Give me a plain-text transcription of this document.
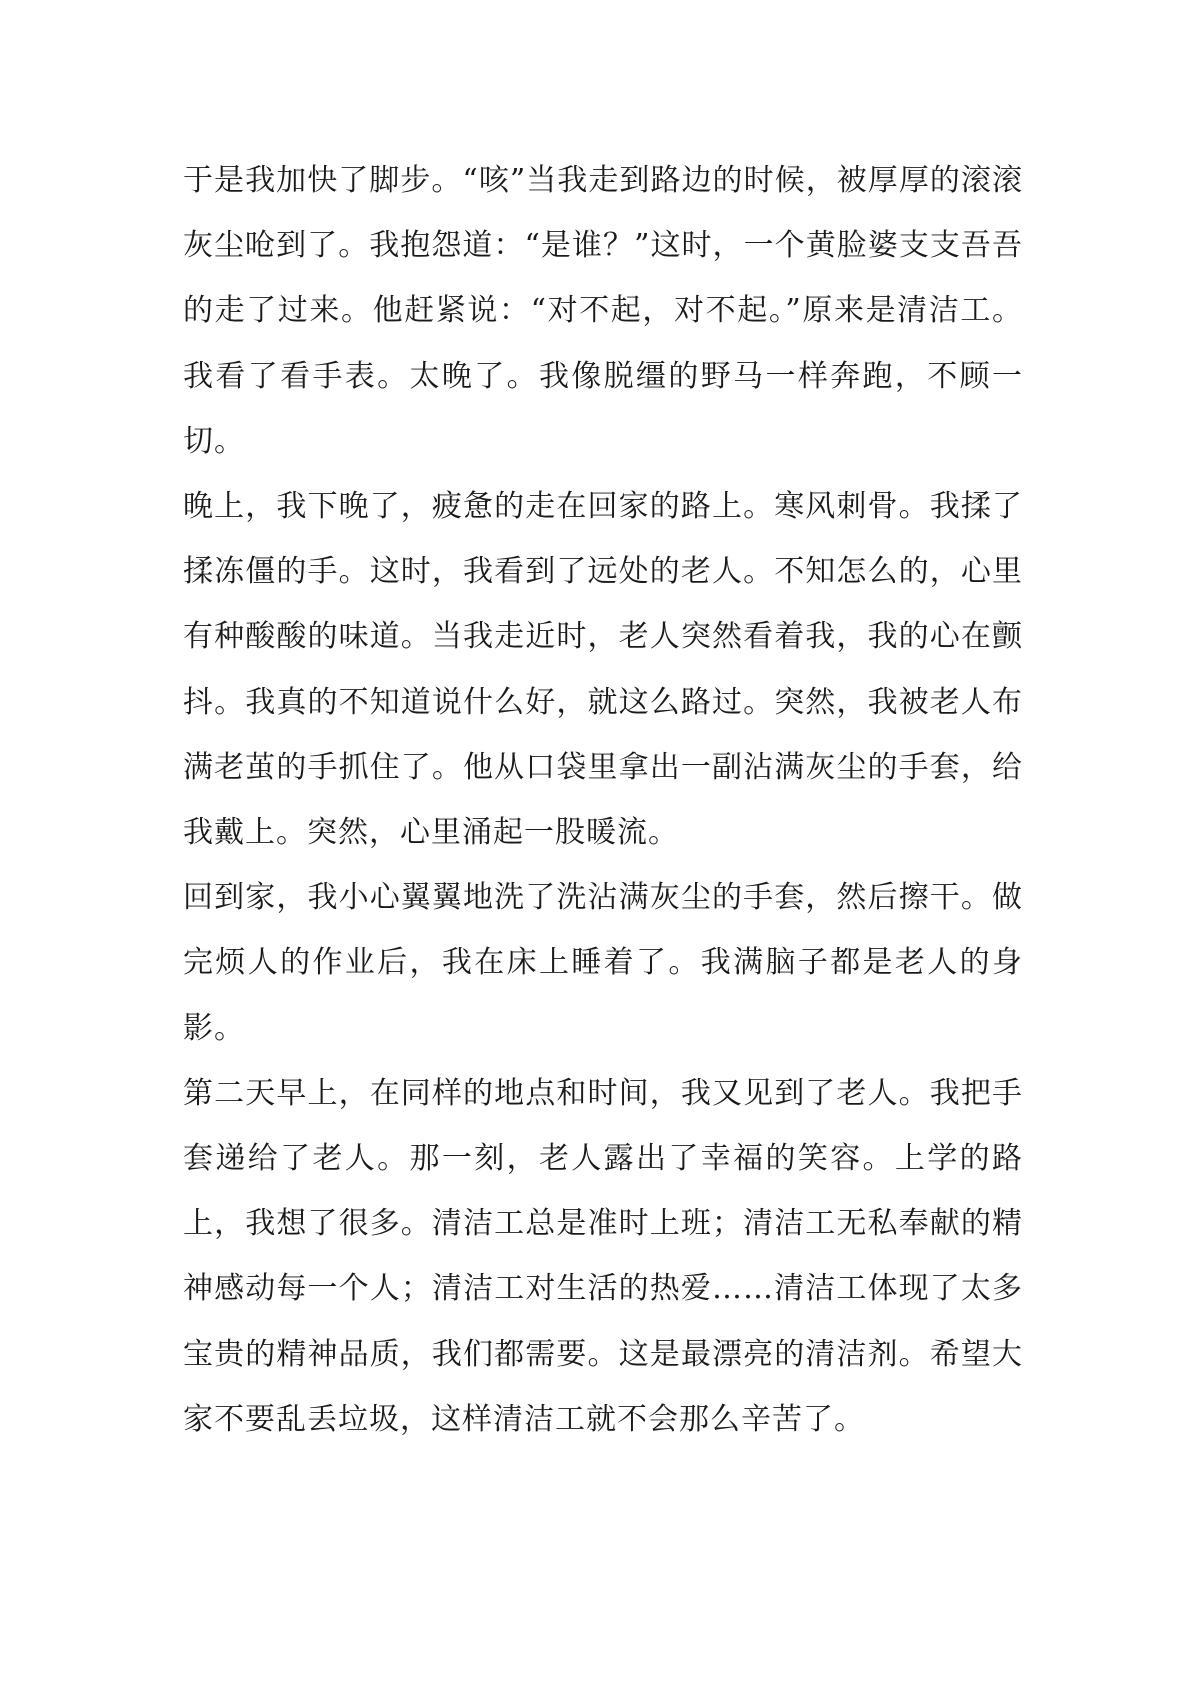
于是我加快了脚步。“咳”当我走到路边的时候，被厚厚的滚滚灰尘呛到了。我抱怨道：“是谁？”这时，一个黄脸婆支支吾吾的走了过来。他赶紧说：“对不起，对不起。”原来是清洁工。我看了看手表。太晚了。我像脱缰的野马一样奔跑，不顾一切。

晚上，我下晚了，疲惫的走在回家的路上。寒风刺骨。我揉了揉冻僵的手。这时，我看到了远处的老人。不知怎么的，心里有种酸酸的味道。当我走近时，老人突然看着我，我的心在颤抖。我真的不知道说什么好，就这么路过。突然，我被老人布满老茧的手抓住了。他从口袋里拿出一副沾满灰尘的手套，给我戴上。突然，心里涌起一股暖流。

回到家，我小心翼翼地洗了洗沾满灰尘的手套，然后擦干。做完烦人的作业后，我在床上睡着了。我满脑子都是老人的身影。

第二天早上，在同样的地点和时间，我又见到了老人。我把手套递给了老人。那一刻，老人露出了幸福的笑容。上学的路上，我想了很多。清洁工总是准时上班；清洁工无私奉献的精神感动每一个人；清洁工对生活的热爱……清洁工体现了太多宝贵的精神品质，我们都需要。这是最漂亮的清洁剂。希望大家不要乱丢垃圾，这样清洁工就不会那么辛苦了。
